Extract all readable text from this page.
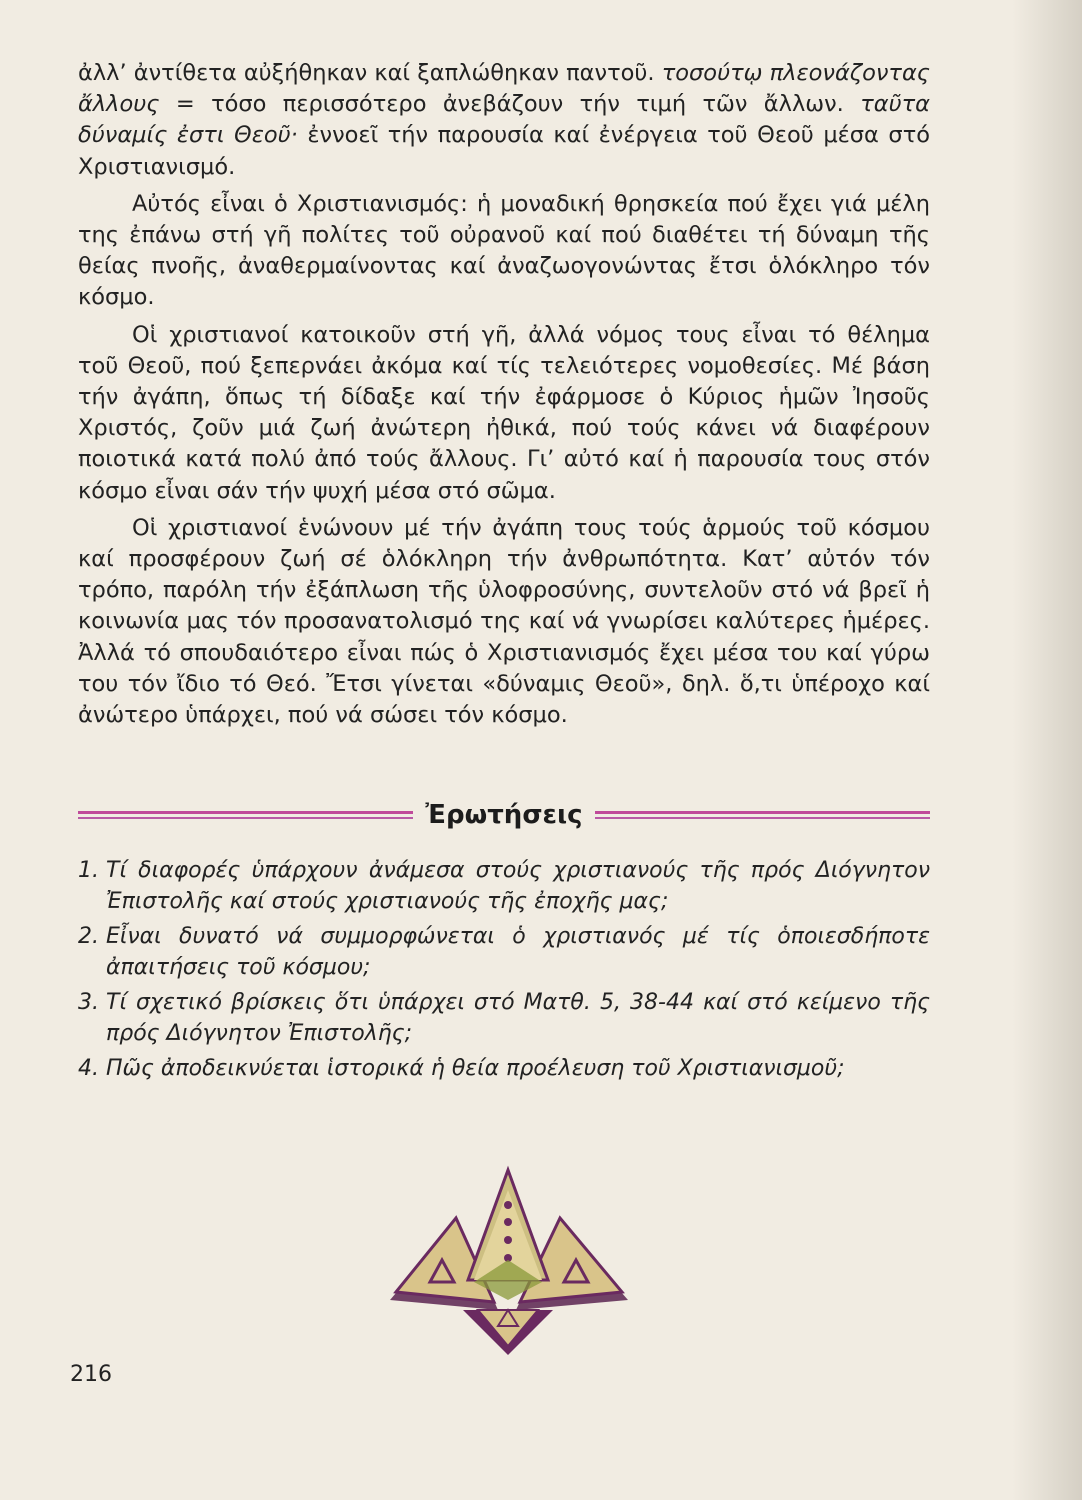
ἀλλ’ ἀντίθετα αὐξήθηκαν καί ξαπλώθηκαν παντοῦ. τοσούτῳ πλεονάζοντας ἄλλους = τόσο περισσότερο ἀνεβάζουν τήν τιμή τῶν ἄλλων. ταῦτα δύναμίς ἐστι Θεοῦ· ἐννοεῖ τήν παρουσία καί ἐνέργεια τοῦ Θεοῦ μέσα στό Χριστιανισμό.

Αὐτός εἶναι ὁ Χριστιανισμός: ἡ μοναδική θρησκεία πού ἔχει γιά μέλη της ἐπάνω στή γῆ πολίτες τοῦ οὐρανοῦ καί πού διαθέτει τή δύναμη τῆς θείας πνοῆς, ἀναθερμαίνοντας καί ἀναζωογονώντας ἔτσι ὁλόκληρο τόν κόσμο.

Οἱ χριστιανοί κατοικοῦν στή γῆ, ἀλλά νόμος τους εἶναι τό θέλημα τοῦ Θεοῦ, πού ξεπερνάει ἀκόμα καί τίς τελειότερες νομοθεσίες. Μέ βάση τήν ἀγάπη, ὅπως τή δίδαξε καί τήν ἐφάρμοσε ὁ Κύριος ἡμῶν Ἰησοῦς Χριστός, ζοῦν μιά ζωή ἀνώτερη ἠθικά, πού τούς κάνει νά διαφέρουν ποιοτικά κατά πολύ ἀπό τούς ἄλλους. Γι’ αὐτό καί ἡ παρουσία τους στόν κόσμο εἶναι σάν τήν ψυχή μέσα στό σῶμα.

Οἱ χριστιανοί ἑνώνουν μέ τήν ἀγάπη τους τούς ἁρμούς τοῦ κόσμου καί προσφέρουν ζωή σέ ὁλόκληρη τήν ἀνθρωπότητα. Κατ’ αὐτόν τόν τρόπο, παρόλη τήν ἐξάπλωση τῆς ὑλοφροσύνης, συντελοῦν στό νά βρεῖ ἡ κοινωνία μας τόν προσανατολισμό της καί νά γνωρίσει καλύτερες ἡμέρες. Ἀλλά τό σπουδαιότερο εἶναι πώς ὁ Χριστιανισμός ἔχει μέσα του καί γύρω του τόν ἴδιο τό Θεό. Ἔτσι γίνεται «δύναμις Θεοῦ», δηλ. ὅ,τι ὑπέροχο καί ἀνώτερο ὑπάρχει, πού νά σώσει τόν κόσμο.

Ἐρωτήσεις
1. Τί διαφορές ὑπάρχουν ἀνάμεσα στούς χριστιανούς τῆς πρός Διόγνητον Ἐπιστολῆς καί στούς χριστιανούς τῆς ἐποχῆς μας;
2. Εἶναι δυνατό νά συμμορφώνεται ὁ χριστιανός μέ τίς ὁποιεσδήποτε ἀπαιτήσεις τοῦ κόσμου;
3. Τί σχετικό βρίσκεις ὅτι ὑπάρχει στό Ματθ. 5, 38-44 καί στό κείμενο τῆς πρός Διόγνητον Ἐπιστολῆς;
4. Πῶς ἀποδεικνύεται ἱστορικά ἡ θεία προέλευση τοῦ Χριστιανισμοῦ;
216
